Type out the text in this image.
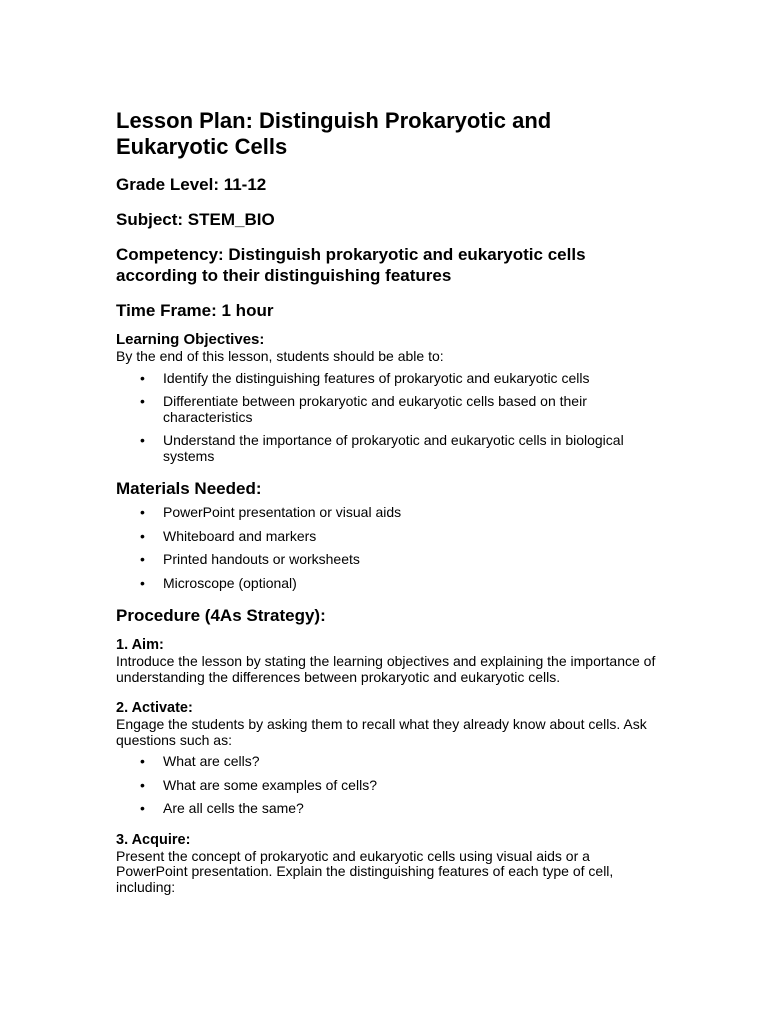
Lesson Plan: Distinguish Prokaryotic and Eukaryotic Cells
Grade Level: 11-12
Subject: STEM_BIO
Competency: Distinguish prokaryotic and eukaryotic cells according to their distinguishing features
Time Frame: 1 hour
Learning Objectives:

By the end of this lesson, students should be able to:

• Identify the distinguishing features of prokaryotic and eukaryotic cells
• Differentiate between prokaryotic and eukaryotic cells based on their characteristics
• Understand the importance of prokaryotic and eukaryotic cells in biological systems
Materials Needed:
• PowerPoint presentation or visual aids
• Whiteboard and markers
• Printed handouts or worksheets
• Microscope (optional)
Procedure (4As Strategy):
1. Aim:

Introduce the lesson by stating the learning objectives and explaining the importance of understanding the differences between prokaryotic and eukaryotic cells.

2. Activate:

Engage the students by asking them to recall what they already know about cells. Ask questions such as:

• What are cells?
• What are some examples of cells?
• Are all cells the same?
3. Acquire:

Present the concept of prokaryotic and eukaryotic cells using visual aids or a PowerPoint presentation. Explain the distinguishing features of each type of cell, including:
